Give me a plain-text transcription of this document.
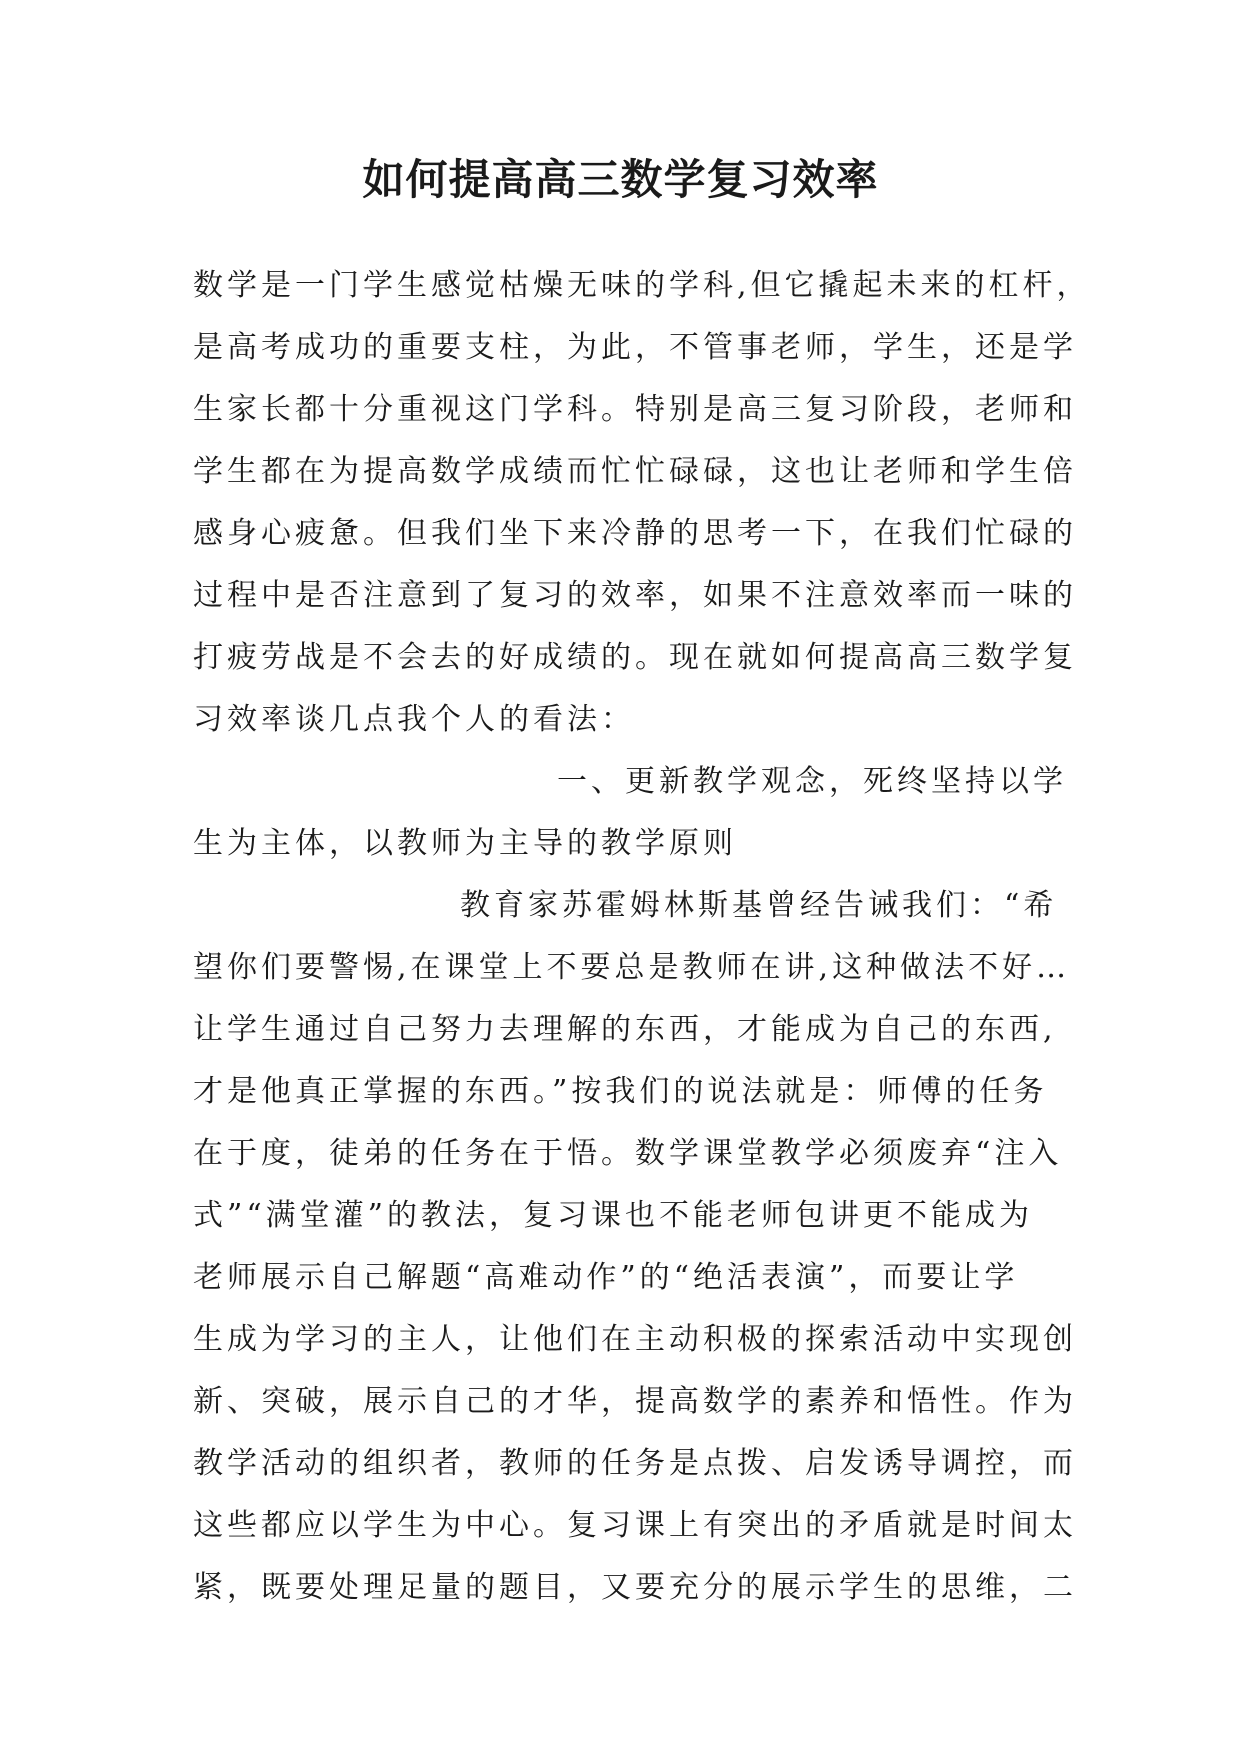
如何提高高三数学复习效率
数学是一门学生感觉枯燥无味的学科,但它撬起未来的杠杆，
是高考成功的重要支柱，为此，不管事老师，学生，还是学
生家长都十分重视这门学科。特别是高三复习阶段，老师和
学生都在为提高数学成绩而忙忙碌碌，这也让老师和学生倍
感身心疲惫。但我们坐下来冷静的思考一下，在我们忙碌的
过程中是否注意到了复习的效率，如果不注意效率而一味的
打疲劳战是不会去的好成绩的。现在就如何提高高三数学复
习效率谈几点我个人的看法：
一、更新教学观念，死终坚持以学
生为主体，以教师为主导的教学原则
教育家苏霍姆林斯基曾经告诫我们：“希
望你们要警惕,在课堂上不要总是教师在讲,这种做法不好…
让学生通过自己努力去理解的东西，才能成为自己的东西,
才是他真正掌握的东西。”按我们的说法就是：师傅的任务
在于度，徒弟的任务在于悟。数学课堂教学必须废弃“注入
式”“满堂灌”的教法，复习课也不能老师包讲更不能成为
老师展示自己解题“高难动作”的“绝活表演”，而要让学
生成为学习的主人，让他们在主动积极的探索活动中实现创
新、突破，展示自己的才华，提高数学的素养和悟性。作为
教学活动的组织者，教师的任务是点拨、启发诱导调控，而
这些都应以学生为中心。复习课上有突出的矛盾就是时间太
紧，既要处理足量的题目，又要充分的展示学生的思维，二
